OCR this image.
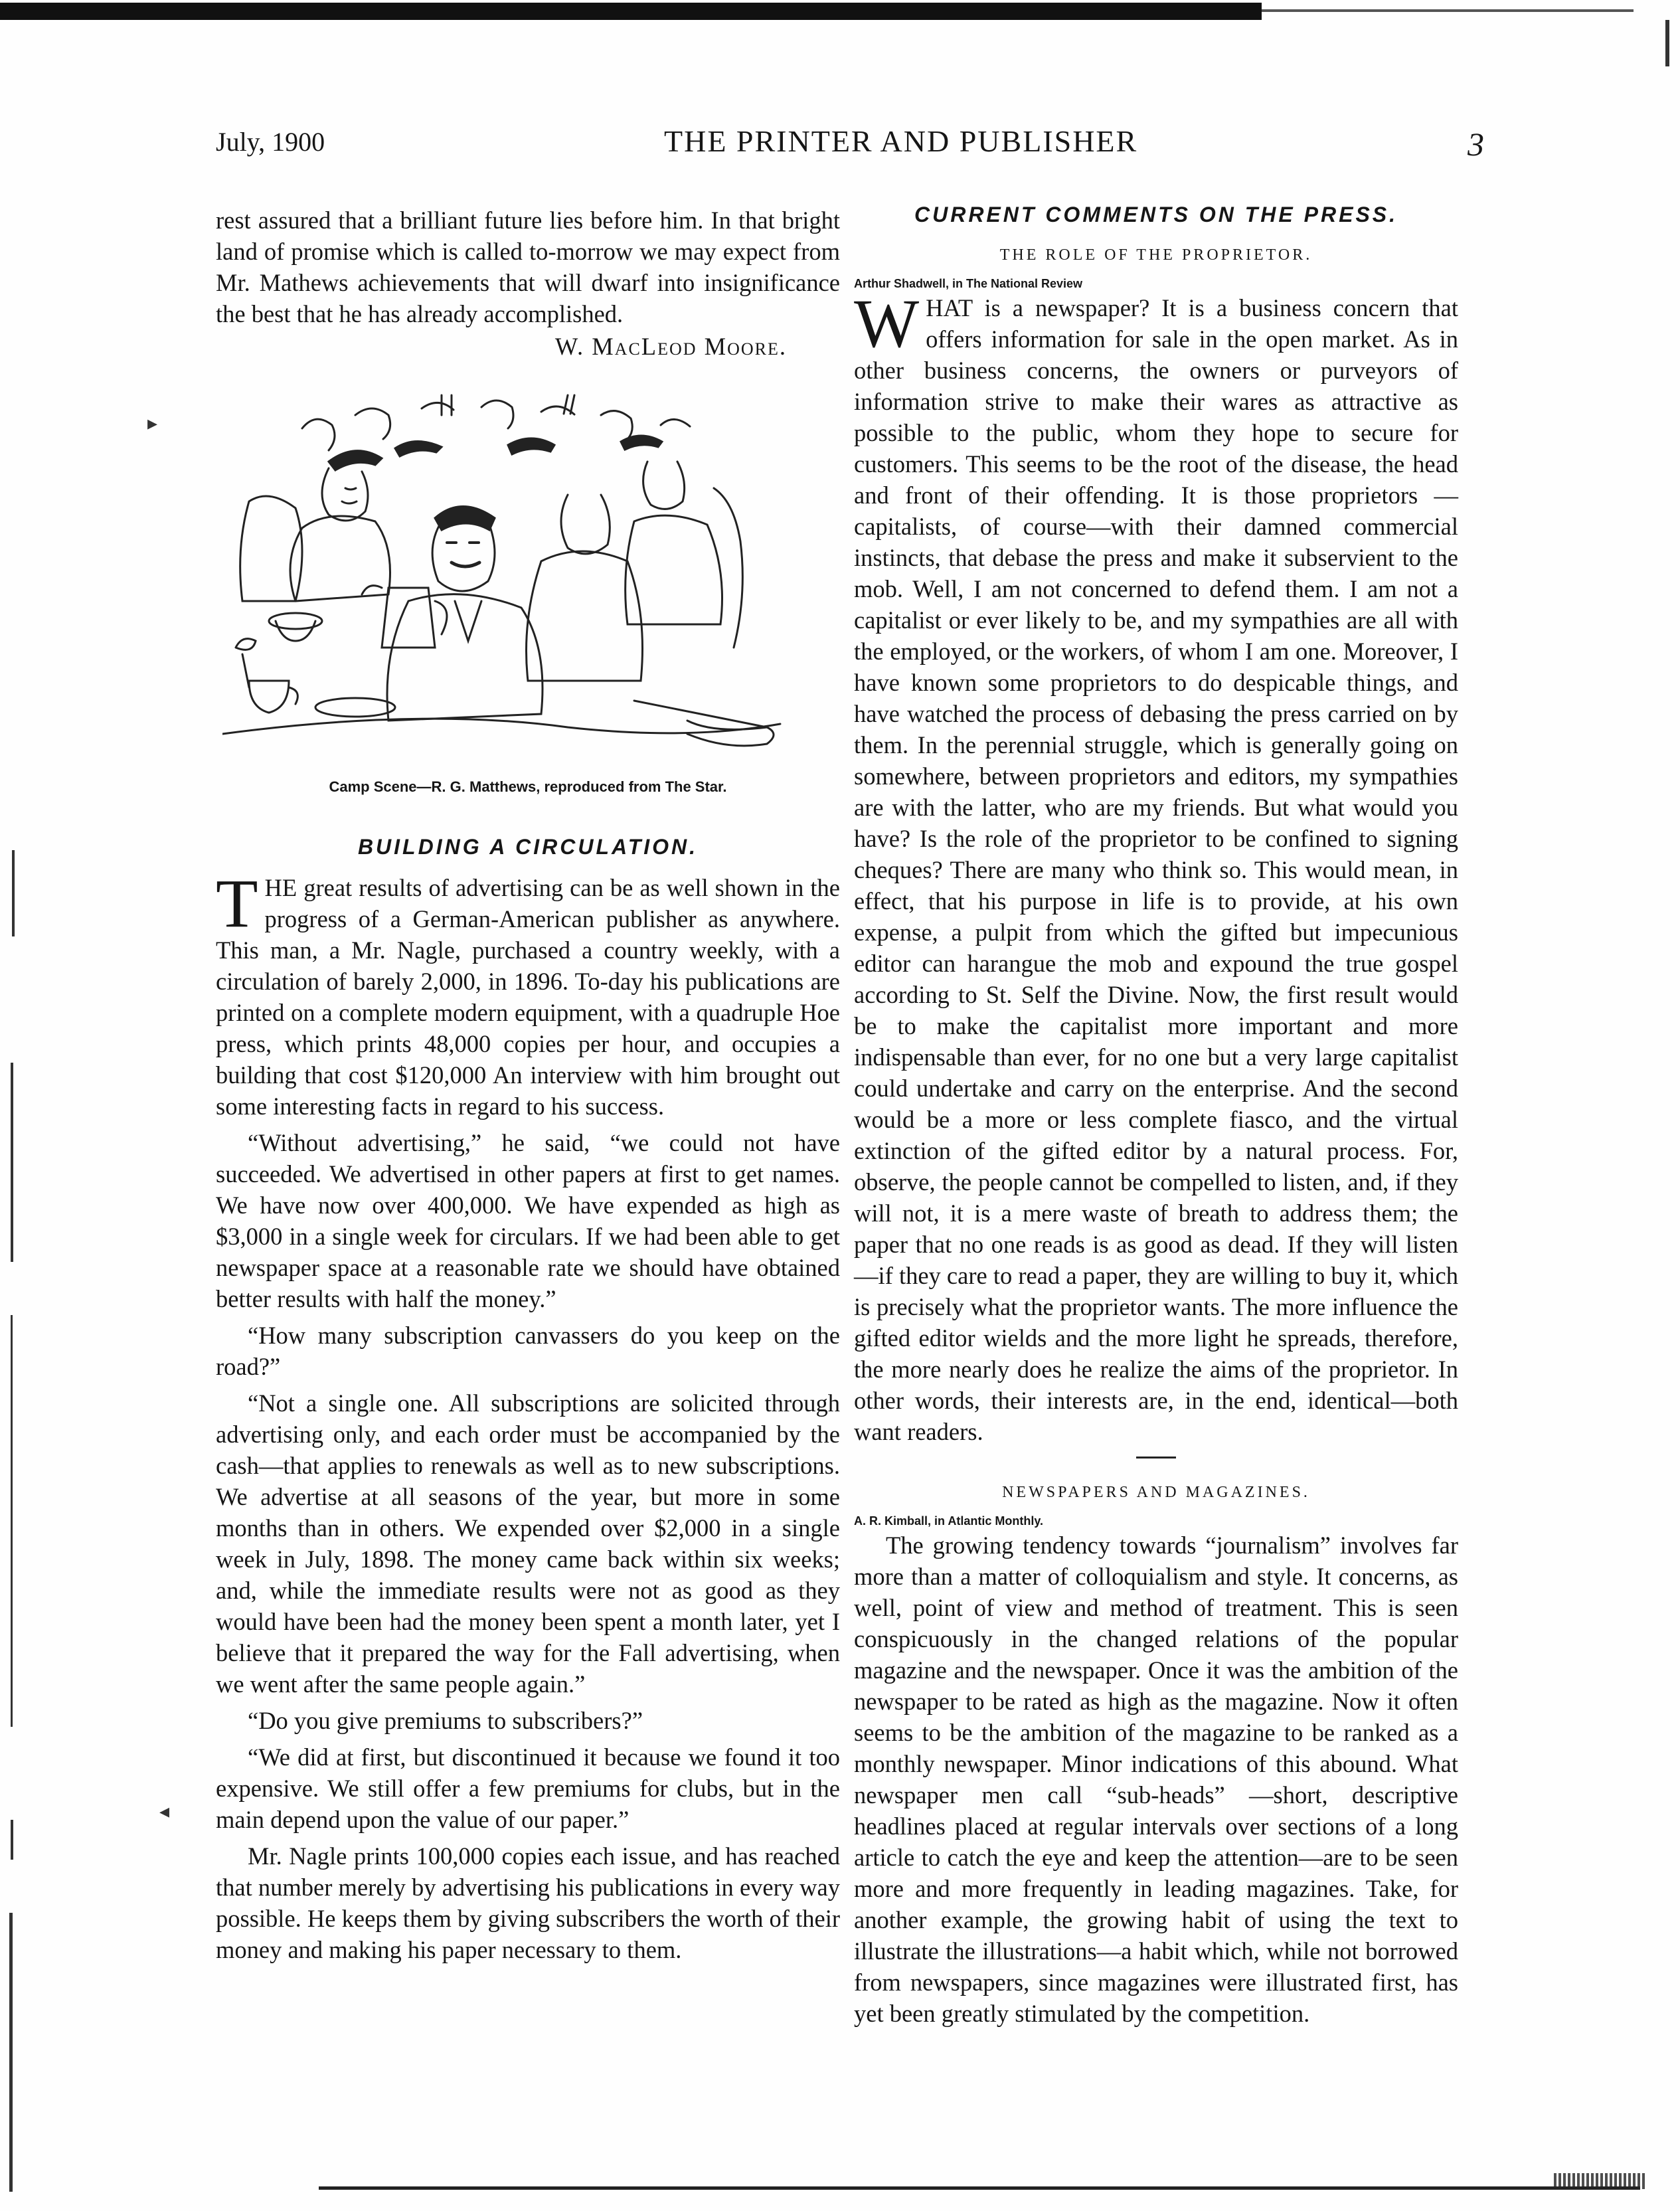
▸
◂
July, 1900	THE PRINTER AND PUBLISHER	3

rest assured that a brilliant future lies before him. In that bright land of promise which is called to-morrow we may expect from Mr. Mathews achievements that will dwarf into insignificance the best that he has already accomplished.

W. MacLeod Moore.
Camp Scene—R. G. Matthews, reproduced from The Star.
BUILDING A CIRCULATION.

THE great results of advertising can be as well shown in the progress of a German-American publisher as anywhere. This man, a Mr. Nagle, purchased a country weekly, with a circulation of barely 2,000, in 1896. To-day his publications are printed on a complete modern equipment, with a quadruple Hoe press, which prints 48,000 copies per hour, and occupies a building that cost $120,000 An interview with him brought out some interesting facts in regard to his success.

“Without advertising,” he said, “we could not have succeeded. We advertised in other papers at first to get names. We have now over 400,000. We have expended as high as $3,000 in a single week for circulars. If we had been able to get newspaper space at a reasonable rate we should have obtained better results with half the money.”

“How many subscription canvassers do you keep on the road?”

“Not a single one. All subscriptions are solicited through advertising only, and each order must be accompanied by the cash—that applies to renewals as well as to new subscriptions. We advertise at all seasons of the year, but more in some months than in others. We expended over $2,000 in a single week in July, 1898. The money came back within six weeks; and, while the immediate results were not as good as they would have been had the money been spent a month later, yet I believe that it prepared the way for the Fall advertising, when we went after the same people again.”

“Do you give premiums to subscribers?”

“We did at first, but discontinued it because we found it too expensive. We still offer a few premiums for clubs, but in the main depend upon the value of our paper.”

Mr. Nagle prints 100,000 copies each issue, and has reached that number merely by advertising his publications in every way possible. He keeps them by giving subscribers the worth of their money and making his paper necessary to them.

CURRENT COMMENTS ON THE PRESS.
THE ROLE OF THE PROPRIETOR.
Arthur Shadwell, in The National Review

WHAT is a newspaper? It is a business concern that offers information for sale in the open market. As in other business concerns, the owners or purveyors of information strive to make their wares as attractive as possible to the public, whom they hope to secure for customers. This seems to be the root of the disease, the head and front of their offending. It is those proprietors —capitalists, of course—with their damned commercial instincts, that debase the press and make it subservient to the mob. Well, I am not concerned to defend them. I am not a capitalist or ever likely to be, and my sympathies are all with the employed, or the workers, of whom I am one. Moreover, I have known some proprietors to do despicable things, and have watched the process of debasing the press carried on by them. In the perennial struggle, which is generally going on somewhere, between proprietors and editors, my sympathies are with the latter, who are my friends. But what would you have? Is the role of the proprietor to be confined to signing cheques? There are many who think so. This would mean, in effect, that his purpose in life is to provide, at his own expense, a pulpit from which the gifted but impecunious editor can harangue the mob and expound the true gospel according to St. Self the Divine. Now, the first result would be to make the capitalist more important and more indispensable than ever, for no one but a very large capitalist could undertake and carry on the enterprise. And the second would be a more or less complete fiasco, and the virtual extinction of the gifted editor by a natural process. For, observe, the people cannot be compelled to listen, and, if they will not, it is a mere waste of breath to address them; the paper that no one reads is as good as dead. If they will listen—if they care to read a paper, they are willing to buy it, which is precisely what the proprietor wants. The more influence the gifted editor wields and the more light he spreads, therefore, the more nearly does he realize the aims of the proprietor. In other words, their interests are, in the end, identical—both want readers.

NEWSPAPERS AND MAGAZINES.
A. R. Kimball, in Atlantic Monthly.

The growing tendency towards “journalism” involves far more than a matter of colloquialism and style. It concerns, as well, point of view and method of treatment. This is seen conspicuously in the changed relations of the popular magazine and the newspaper. Once it was the ambition of the newspaper to be rated as high as the magazine. Now it often seems to be the ambition of the magazine to be ranked as a monthly newspaper. Minor indications of this abound. What newspaper men call “sub-heads” —short, descriptive headlines placed at regular intervals over sections of a long article to catch the eye and keep the attention—are to be seen more and more frequently in leading magazines. Take, for another example, the growing habit of using the text to illustrate the illustrations—a habit which, while not borrowed from newspapers, since magazines were illustrated first, has yet been greatly stimulated by the competition.
